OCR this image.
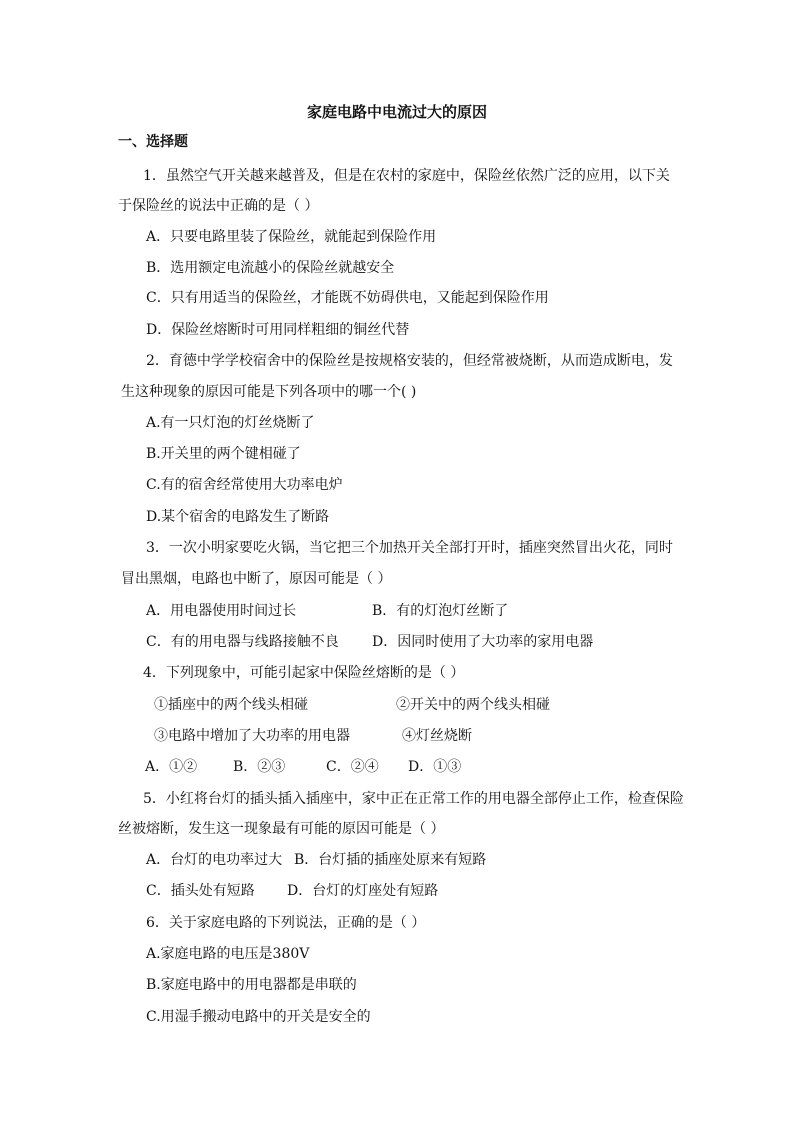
家庭电路中电流过大的原因
一、选择题
1．虽然空气开关越来越普及，但是在农村的家庭中，保险丝依然广泛的应用，以下关
于保险丝的说法中正确的是（ ）
A．只要电路里装了保险丝，就能起到保险作用
B．选用额定电流越小的保险丝就越安全
C．只有用适当的保险丝，才能既不妨碍供电，又能起到保险作用
D．保险丝熔断时可用同样粗细的铜丝代替
2．育德中学学校宿舍中的保险丝是按规格安装的，但经常被烧断，从而造成断电，发
生这种现象的原因可能是下列各项中的哪一个( )
A.有一只灯泡的灯丝烧断了
B.开关里的两个键相碰了
C.有的宿舍经常使用大功率电炉
D.某个宿舍的电路发生了断路
3．一次小明家要吃火锅，当它把三个加热开关全部打开时，插座突然冒出火花，同时
冒出黑烟，电路也中断了，原因可能是（ ）
A．用电器使用时间过长	B．有的灯泡灯丝断了
C．有的用电器与线路接触不良 D．因同时使用了大功率的家用电器
4．下列现象中，可能引起家中保险丝熔断的是（ ）
①插座中的两个线头相碰	②开关中的两个线头相碰
③电路中增加了大功率的用电器	④灯丝烧断
A．①②	B．②③	C．②④ D．①③
5．小红将台灯的插头插入插座中，家中正在正常工作的用电器全部停止工作，检查保险
丝被熔断，发生这一现象最有可能的原因可能是（ ）
A．台灯的电功率过大 B．台灯插的插座处原来有短路
C．插头处有短路 D．台灯的灯座处有短路
6．关于家庭电路的下列说法，正确的是（ ）
A.家庭电路的电压是380V
B.家庭电路中的用电器都是串联的
C.用湿手搬动电路中的开关是安全的
